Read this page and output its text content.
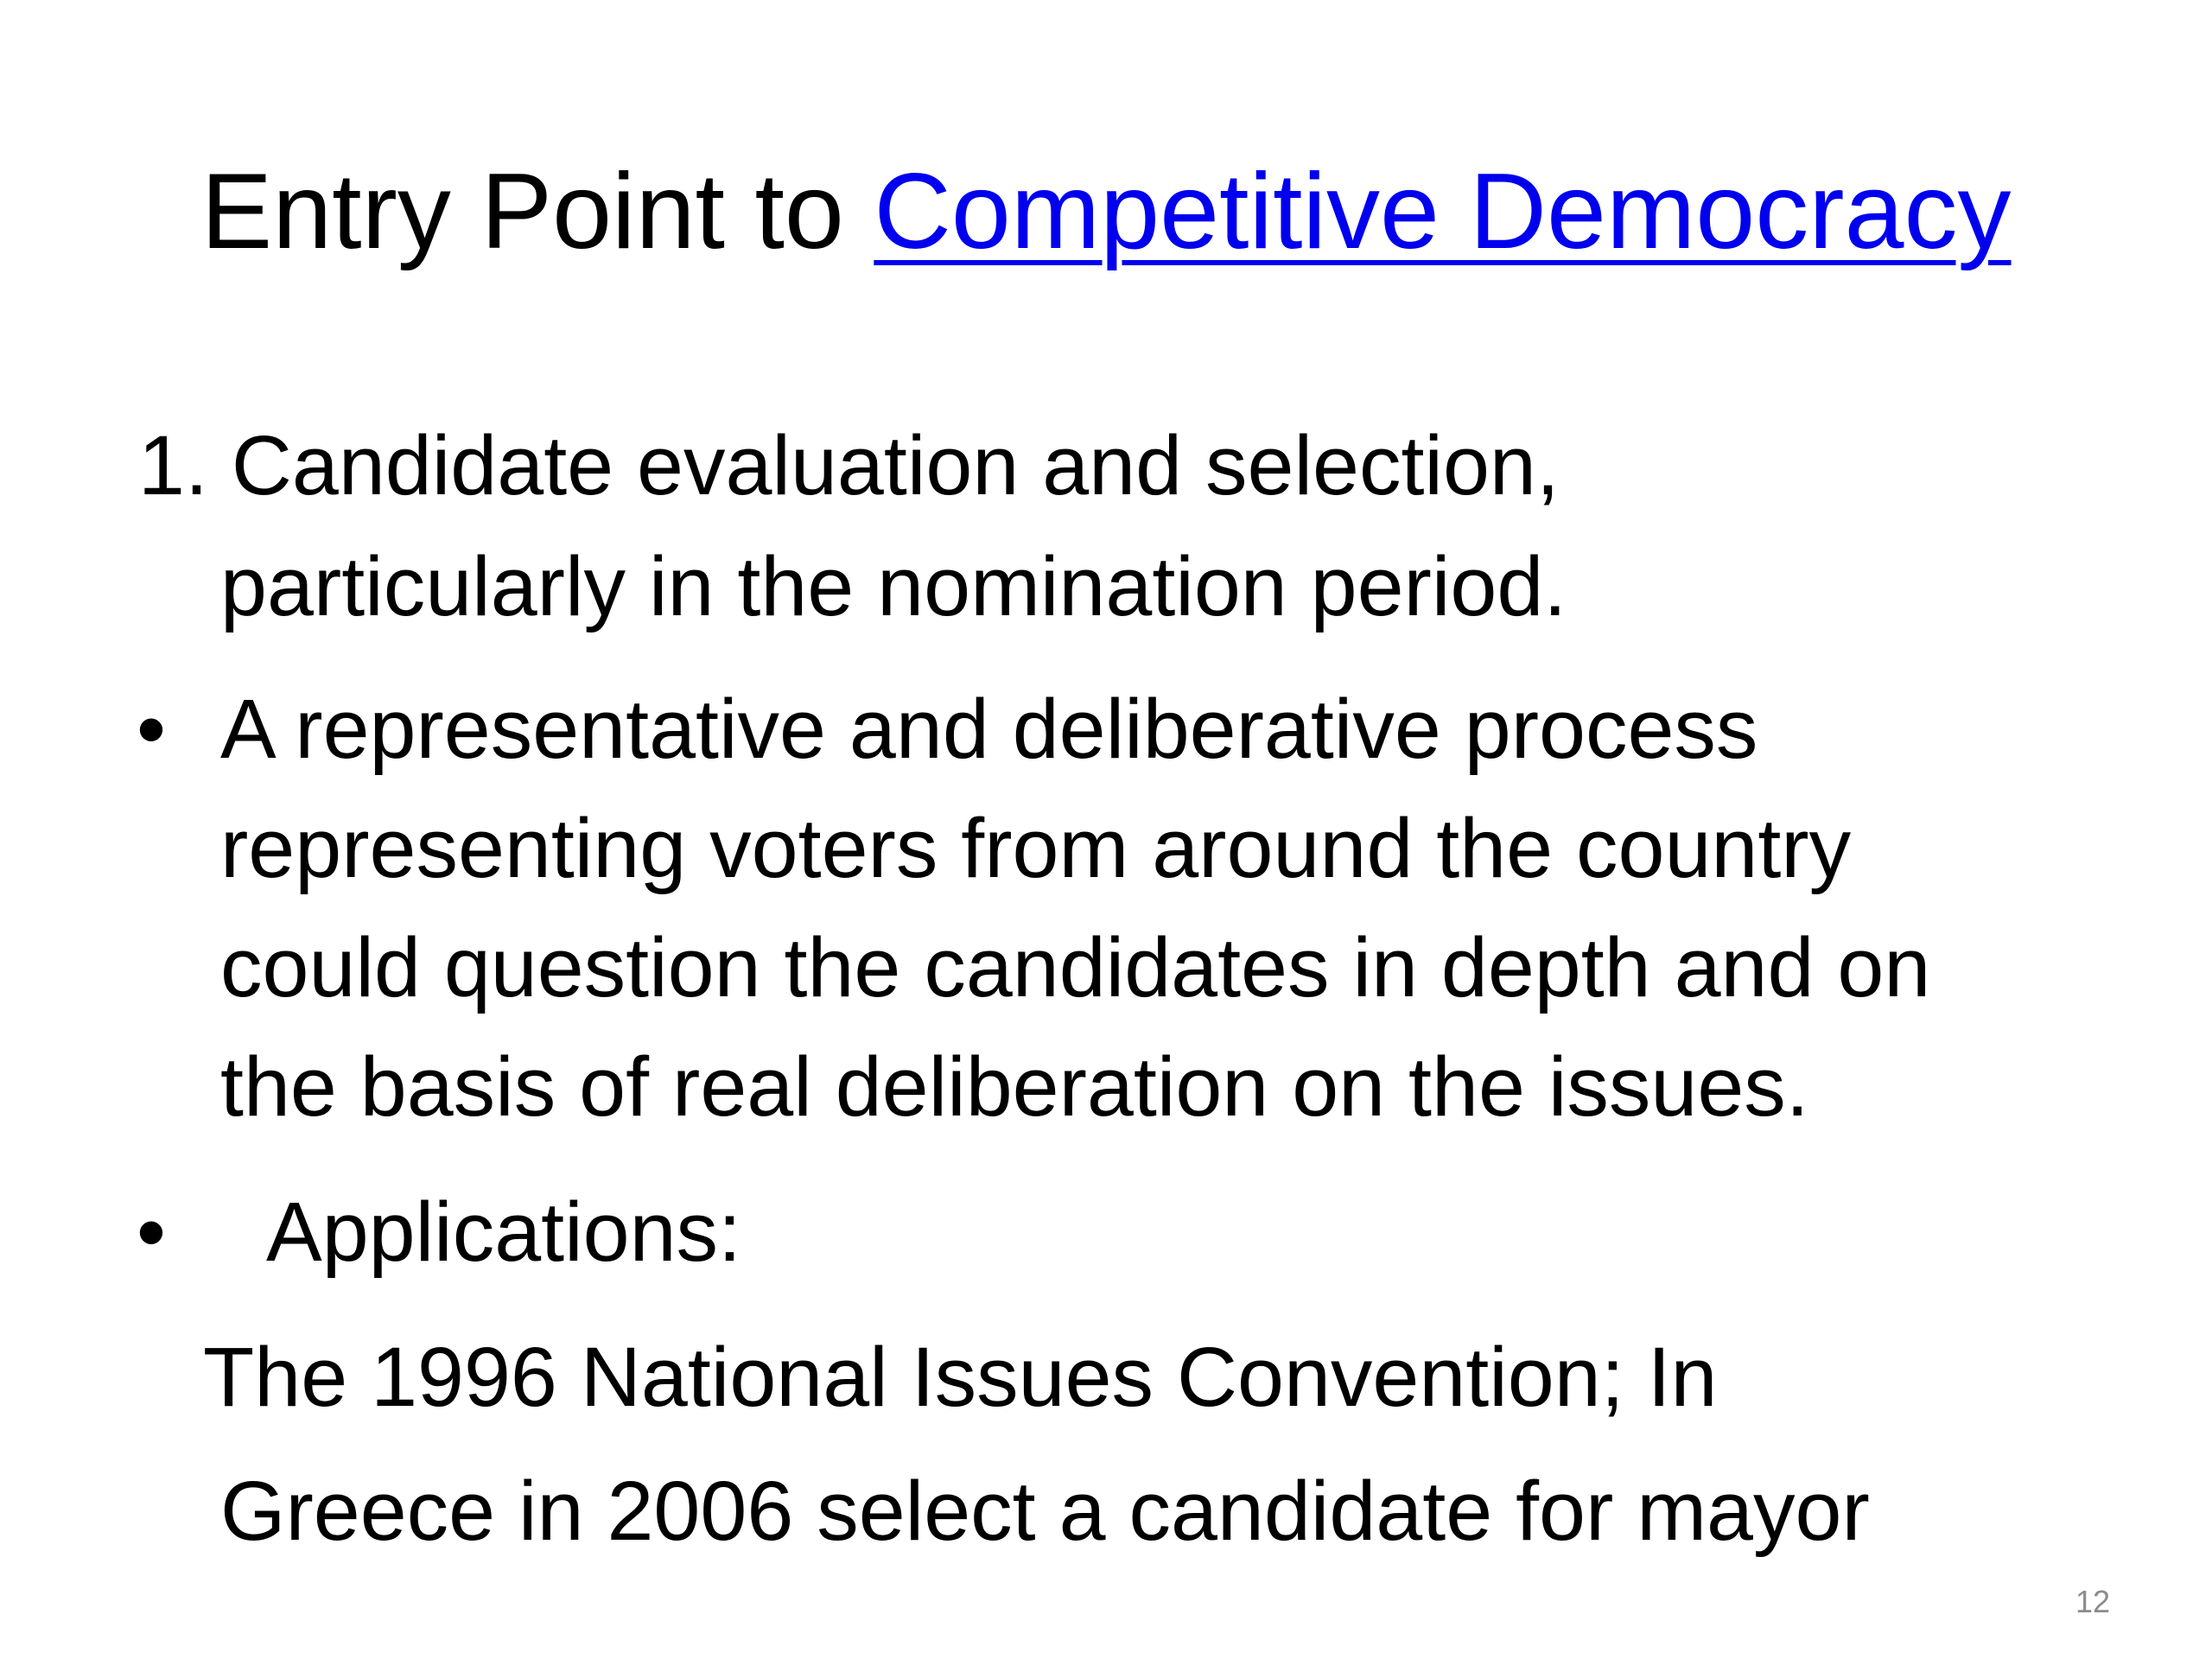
Entry Point to Competitive Democracy
1. Candidate evaluation and selection,
particularly in the nomination period.
• A representative and deliberative process
representing voters from around the country
could question the candidates in depth and on
the basis of real deliberation on the issues.
• Applications:
The 1996 National Issues Convention; In
Greece in 2006 select a candidate for mayor
12
